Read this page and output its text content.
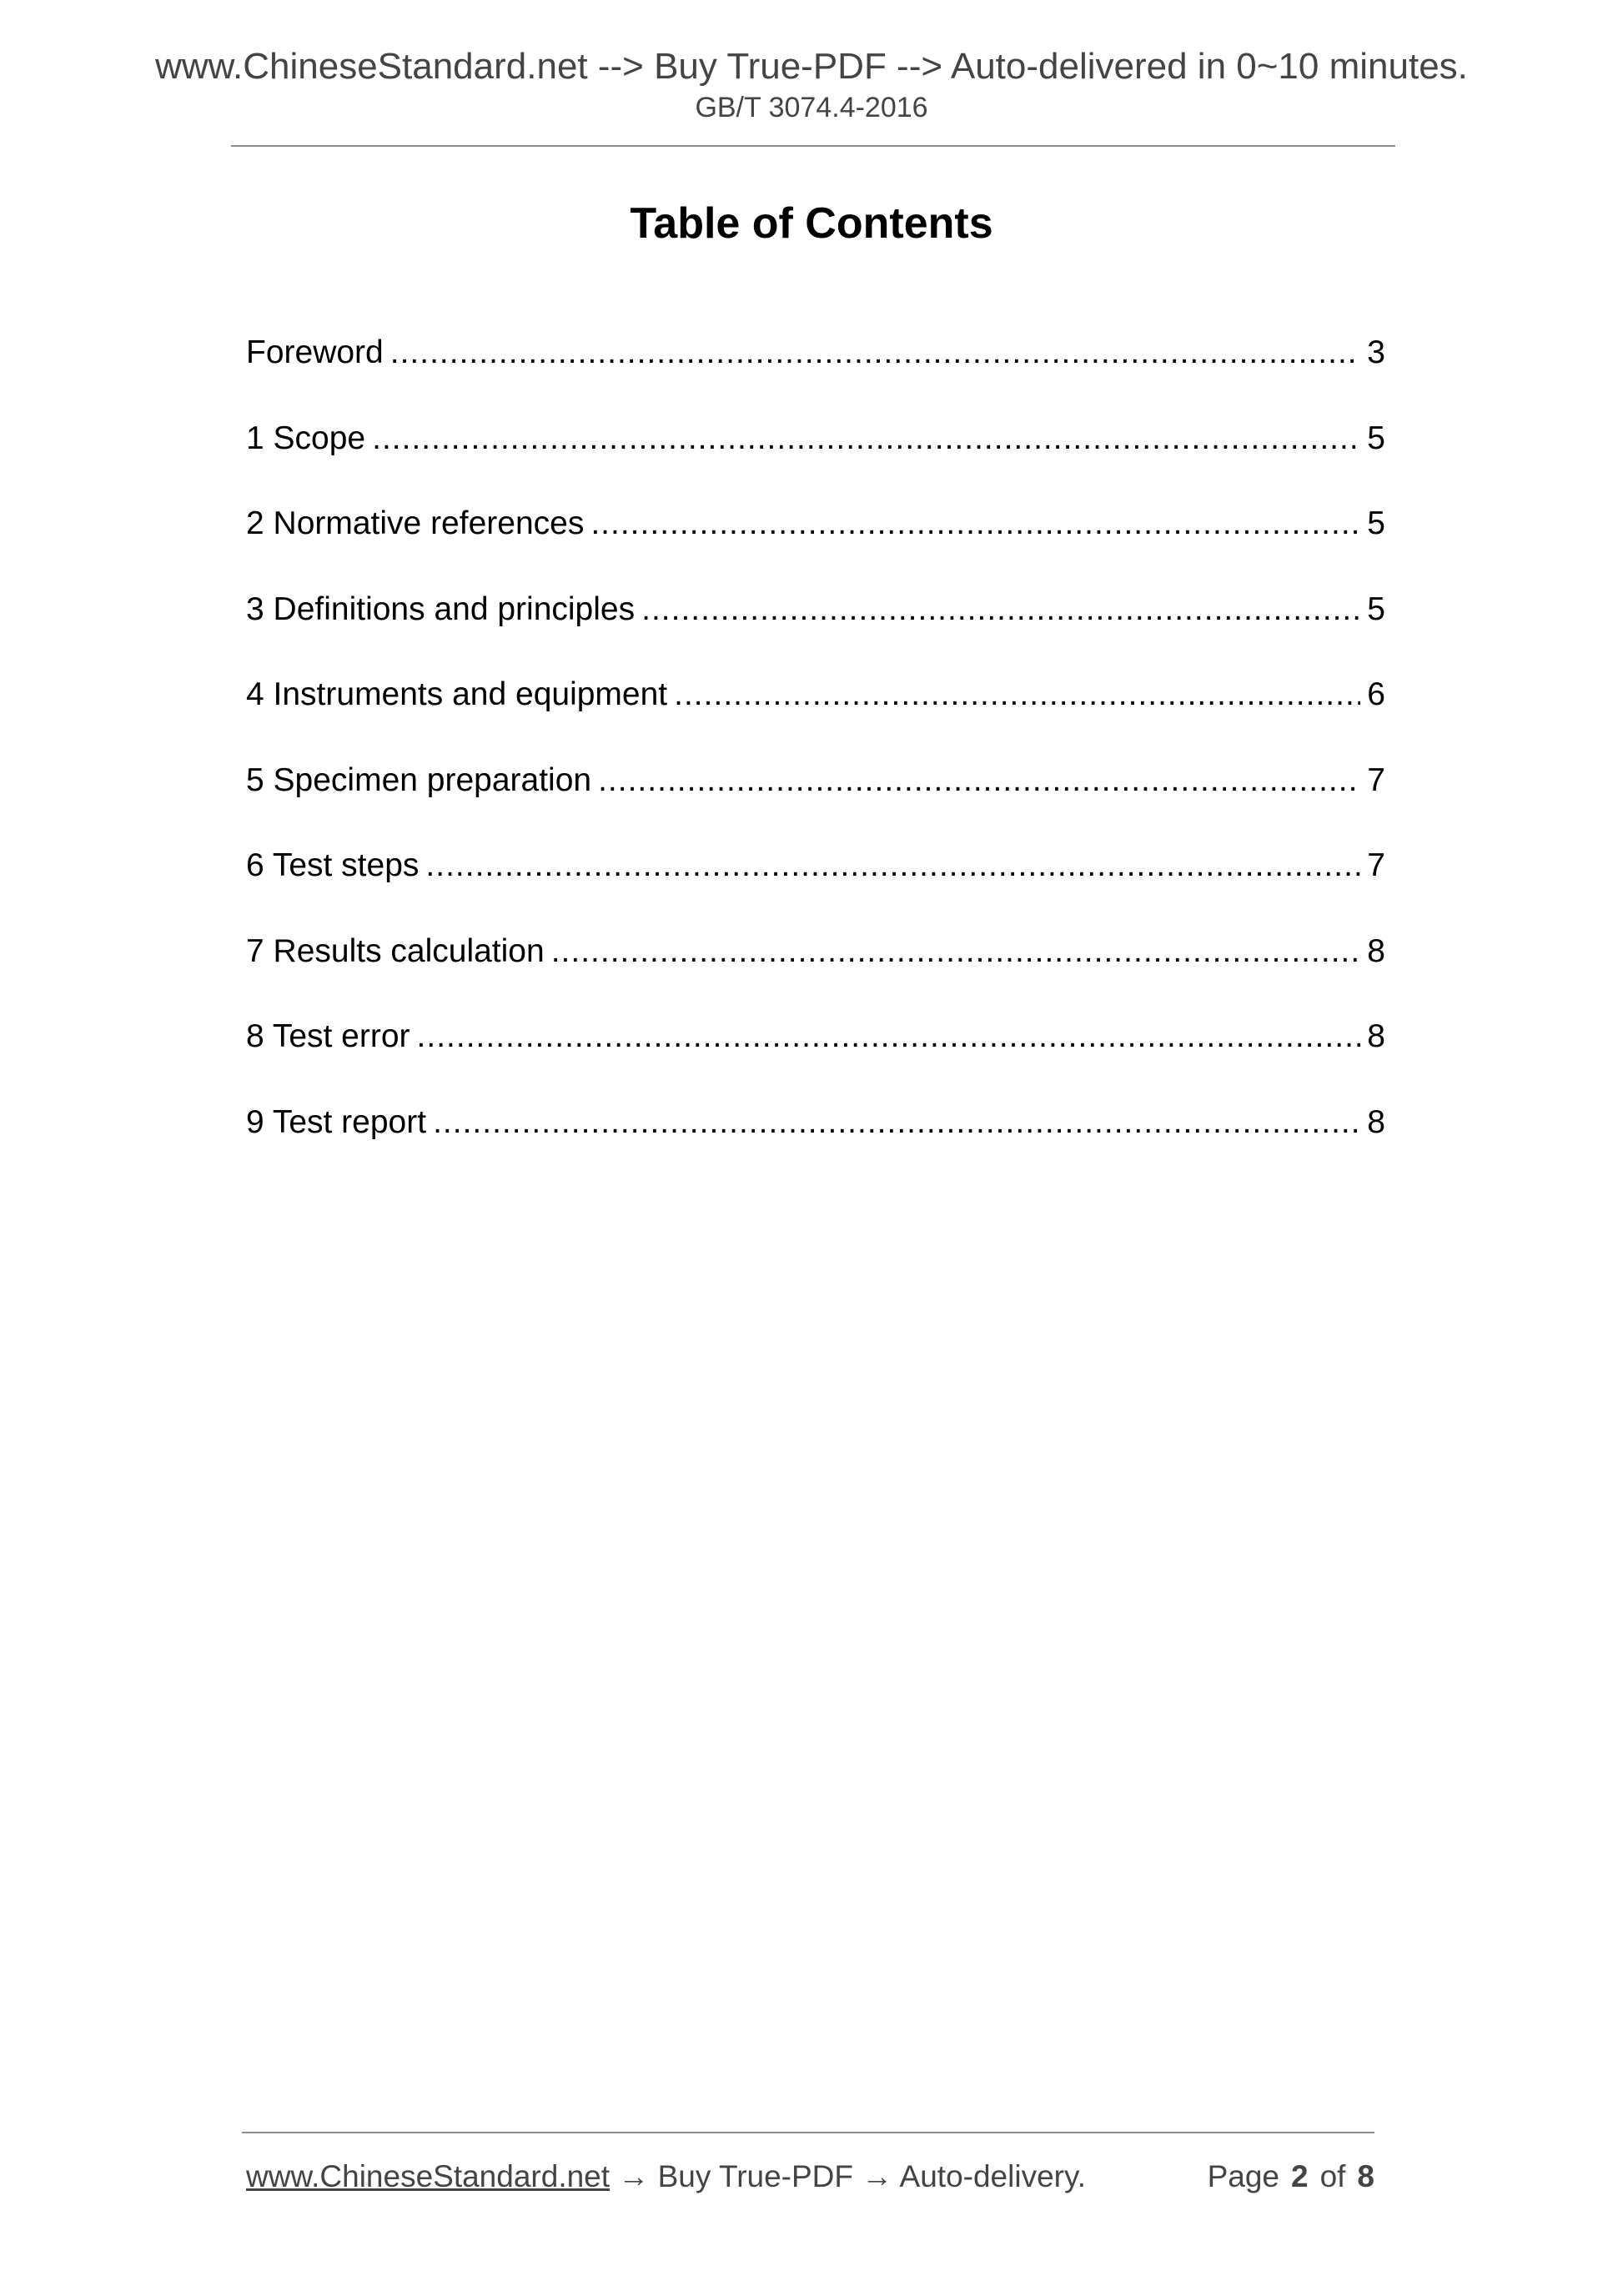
www.ChineseStandard.net --> Buy True-PDF --> Auto-delivered in 0~10 minutes.
GB/T 3074.4-2016
Table of Contents
Foreword .....	3
1 Scope .....	5
2 Normative references .....	5
3 Definitions and principles .....	5
4 Instruments and equipment .....	6
5 Specimen preparation .....	7
6 Test steps .....	7
7 Results calculation .....	8
8 Test error .....	8
9 Test report .....	8
www.ChineseStandard.net → Buy True-PDF → Auto-delivery.	Page 2 of 8
